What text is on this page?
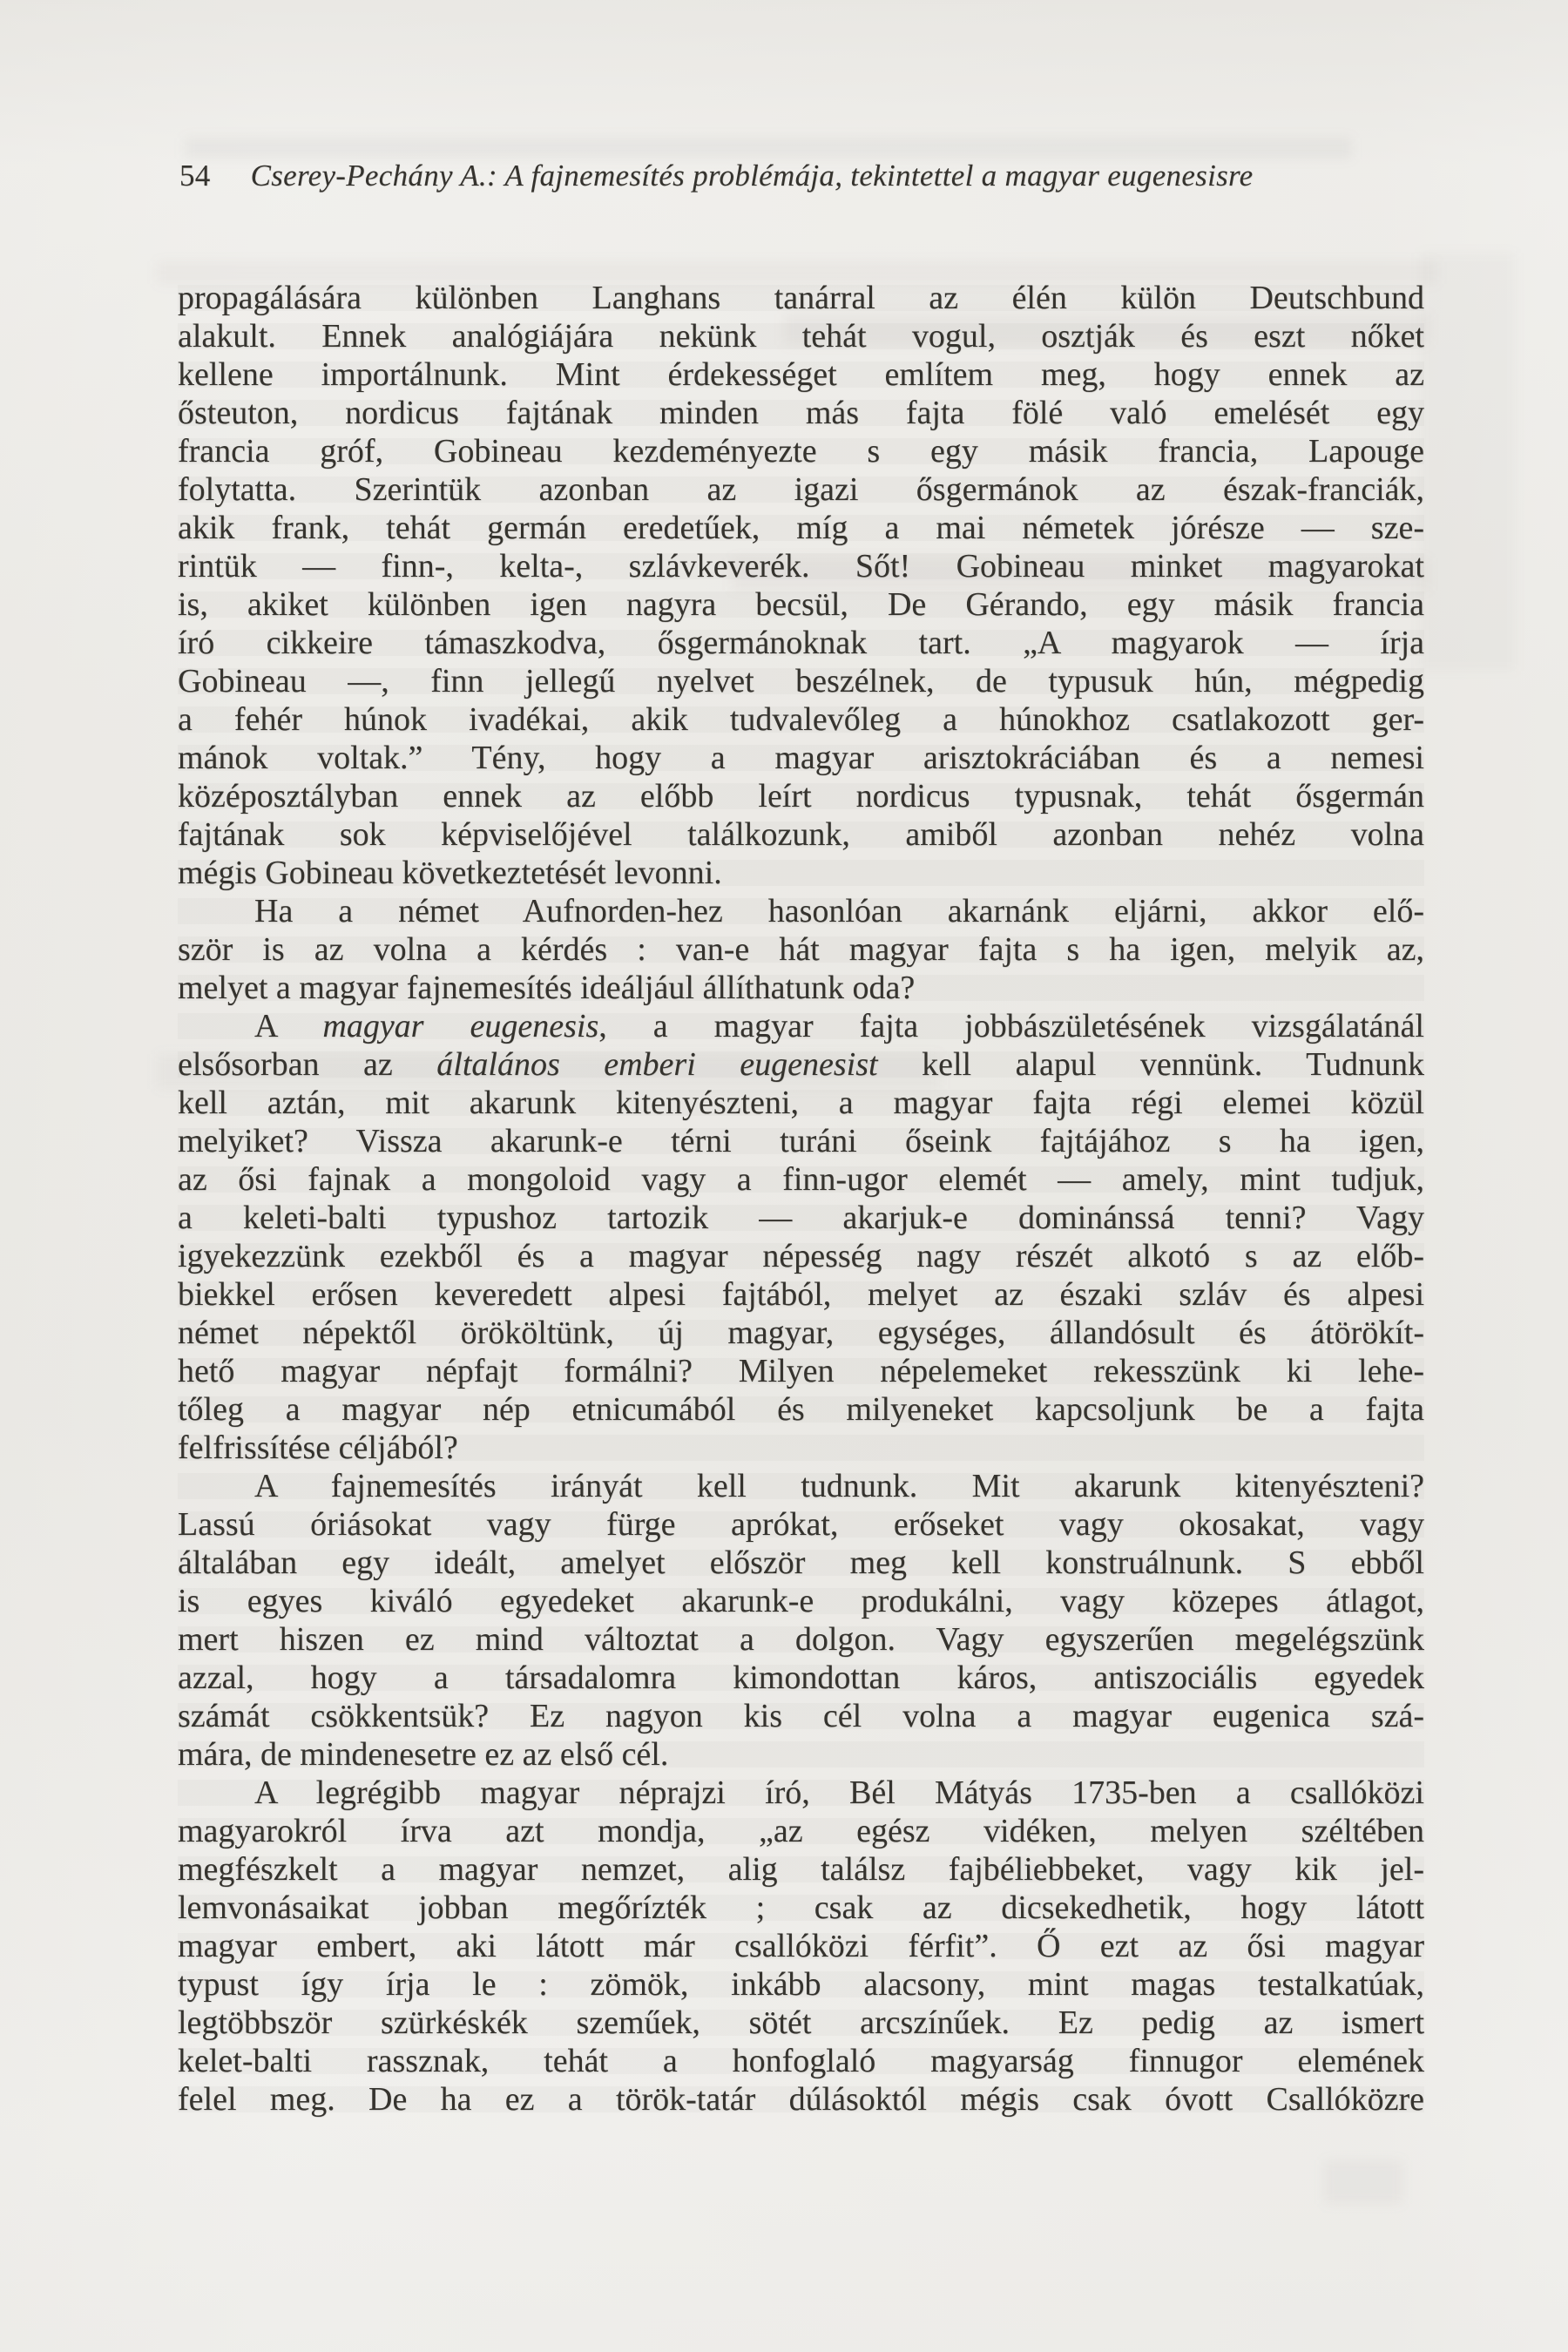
54 Cserey-Pechány A.: A fajnemesítés problémája, tekintettel a magyar eugenesisre
propagálására különben Langhans tanárral az élén külön Deutschbund
alakult. Ennek analógiájára nekünk tehát vogul, osztják és eszt nőket
kellene importálnunk. Mint érdekességet említem meg, hogy ennek az
ősteuton, nordicus fajtának minden más fajta fölé való emelését egy
francia gróf, Gobineau kezdeményezte s egy másik francia, Lapouge
folytatta. Szerintük azonban az igazi ősgermánok az észak-franciák,
akik frank, tehát germán eredetűek, míg a mai németek jórésze — sze-
rintük — finn-, kelta-, szlávkeverék. Sőt! Gobineau minket magyarokat
is, akiket különben igen nagyra becsül, De Gérando, egy másik francia
író cikkeire támaszkodva, ősgermánoknak tart. „A magyarok — írja
Gobineau —, finn jellegű nyelvet beszélnek, de typusuk hún, mégpedig
a fehér húnok ivadékai, akik tudvalevőleg a húnokhoz csatlakozott ger-
mánok voltak.” Tény, hogy a magyar arisztokráciában és a nemesi
középosztályban ennek az előbb leírt nordicus typusnak, tehát ősgermán
fajtának sok képviselőjével találkozunk, amiből azonban nehéz volna
mégis Gobineau következtetését levonni.
Ha a német Aufnorden-hez hasonlóan akarnánk eljárni, akkor elő-
ször is az volna a kérdés : van-e hát magyar fajta s ha igen, melyik az,
melyet a magyar fajnemesítés ideáljául állíthatunk oda?
A magyar eugenesis, a magyar fajta jobbászületésének vizsgálatánál
elsősorban az általános emberi eugenesist kell alapul vennünk. Tudnunk
kell aztán, mit akarunk kitenyészteni, a magyar fajta régi elemei közül
melyiket? Vissza akarunk-e térni turáni őseink fajtájához s ha igen,
az ősi fajnak a mongoloid vagy a finn-ugor elemét — amely, mint tudjuk,
a keleti-balti typushoz tartozik — akarjuk-e dominánssá tenni? Vagy
igyekezzünk ezekből és a magyar népesség nagy részét alkotó s az előb-
biekkel erősen keveredett alpesi fajtából, melyet az északi szláv és alpesi
német népektől örököltünk, új magyar, egységes, állandósult és átörökít-
hető magyar népfajt formálni? Milyen népelemeket rekesszünk ki lehe-
tőleg a magyar nép etnicumából és milyeneket kapcsoljunk be a fajta
felfrissítése céljából?
A fajnemesítés irányát kell tudnunk. Mit akarunk kitenyészteni?
Lassú óriásokat vagy fürge aprókat, erőseket vagy okosakat, vagy
általában egy ideált, amelyet először meg kell konstruálnunk. S ebből
is egyes kiváló egyedeket akarunk-e produkálni, vagy közepes átlagot,
mert hiszen ez mind változtat a dolgon. Vagy egyszerűen megelégszünk
azzal, hogy a társadalomra kimondottan káros, antiszociális egyedek
számát csökkentsük? Ez nagyon kis cél volna a magyar eugenica szá-
mára, de mindenesetre ez az első cél.
A legrégibb magyar néprajzi író, Bél Mátyás 1735-ben a csallóközi
magyarokról írva azt mondja, „az egész vidéken, melyen széltében
megfészkelt a magyar nemzet, alig találsz fajbéliebbeket, vagy kik jel-
lemvonásaikat jobban megőrízték ; csak az dicsekedhetik, hogy látott
magyar embert, aki látott már csallóközi férfit”. Ő ezt az ősi magyar
typust így írja le : zömök, inkább alacsony, mint magas testalkatúak,
legtöbbször szürkéskék szeműek, sötét arcszínűek. Ez pedig az ismert
kelet-balti rassznak, tehát a honfoglaló magyarság finnugor elemének
felel meg. De ha ez a török-tatár dúlásoktól mégis csak óvott Csallóközre
